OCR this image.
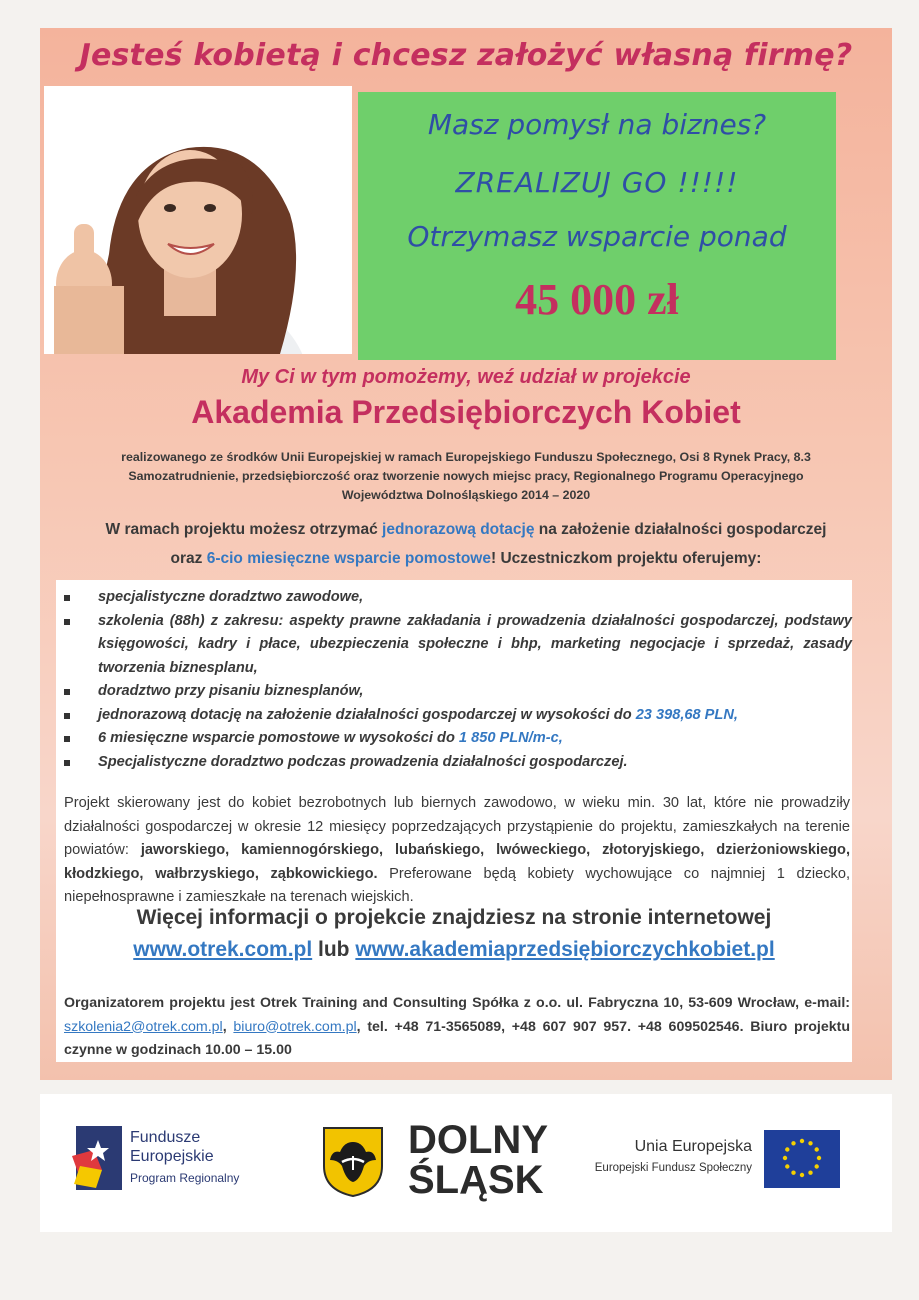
Jesteś kobietą i chcesz założyć własną firmę?
Masz pomysł na biznes?
ZREALIZUJ GO !!!!!
Otrzymasz wsparcie ponad
45 000 zł
My Ci w tym pomożemy, weź udział w projekcie
Akademia Przedsiębiorczych Kobiet
realizowanego ze środków Unii Europejskiej w ramach Europejskiego Funduszu Społecznego, Osi 8 Rynek Pracy, 8.3
Samozatrudnienie, przedsiębiorczość oraz tworzenie nowych miejsc pracy, Regionalnego Programu Operacyjnego
Województwa Dolnośląskiego 2014 – 2020
W ramach projektu możesz otrzymać jednorazową dotację na założenie działalności gospodarczej
oraz 6-cio miesięczne wsparcie pomostowe! Uczestniczkom projektu oferujemy:
specjalistyczne doradztwo zawodowe,
szkolenia (88h) z zakresu: aspekty prawne zakładania i prowadzenia działalności gospodarczej, podstawy księgowości, kadry i płace, ubezpieczenia społeczne i bhp, marketing negocjacje i sprzedaż, zasady tworzenia biznesplanu,
doradztwo przy pisaniu biznesplanów,
jednorazową dotację na założenie działalności gospodarczej w wysokości do 23 398,68 PLN,
6 miesięczne wsparcie pomostowe w wysokości do 1 850 PLN/m-c,
Specjalistyczne doradztwo podczas prowadzenia działalności gospodarczej.
Projekt skierowany jest do kobiet bezrobotnych lub biernych zawodowo, w wieku min. 30 lat, które nie prowadziły działalności gospodarczej w okresie 12 miesięcy poprzedzających przystąpienie do projektu, zamieszkałych na terenie powiatów: jaworskiego, kamiennogórskiego, lubańskiego, lwóweckiego, złotoryjskiego, dzierżoniowskiego, kłodzkiego, wałbrzyskiego, ząbkowickiego. Preferowane będą kobiety wychowujące co najmniej 1 dziecko, niepełnosprawne i zamieszkałe na terenach wiejskich.
Więcej informacji o projekcie znajdziesz na stronie internetowej
www.otrek.com.pl lub www.akademiaprzedsiębiorczychkobiet.pl
Organizatorem projektu jest Otrek Training and Consulting Spółka z o.o. ul. Fabryczna 10, 53-609 Wrocław, e-mail: szkolenia2@otrek.com.pl, biuro@otrek.com.pl, tel. +48 71-3565089, +48 607 907 957. +48 609502546. Biuro projektu czynne w godzinach 10.00 – 15.00
Fundusze
Europejskie
Program Regionalny
DOLNY
ŚLĄSK
Unia Europejska
Europejski Fundusz Społeczny
